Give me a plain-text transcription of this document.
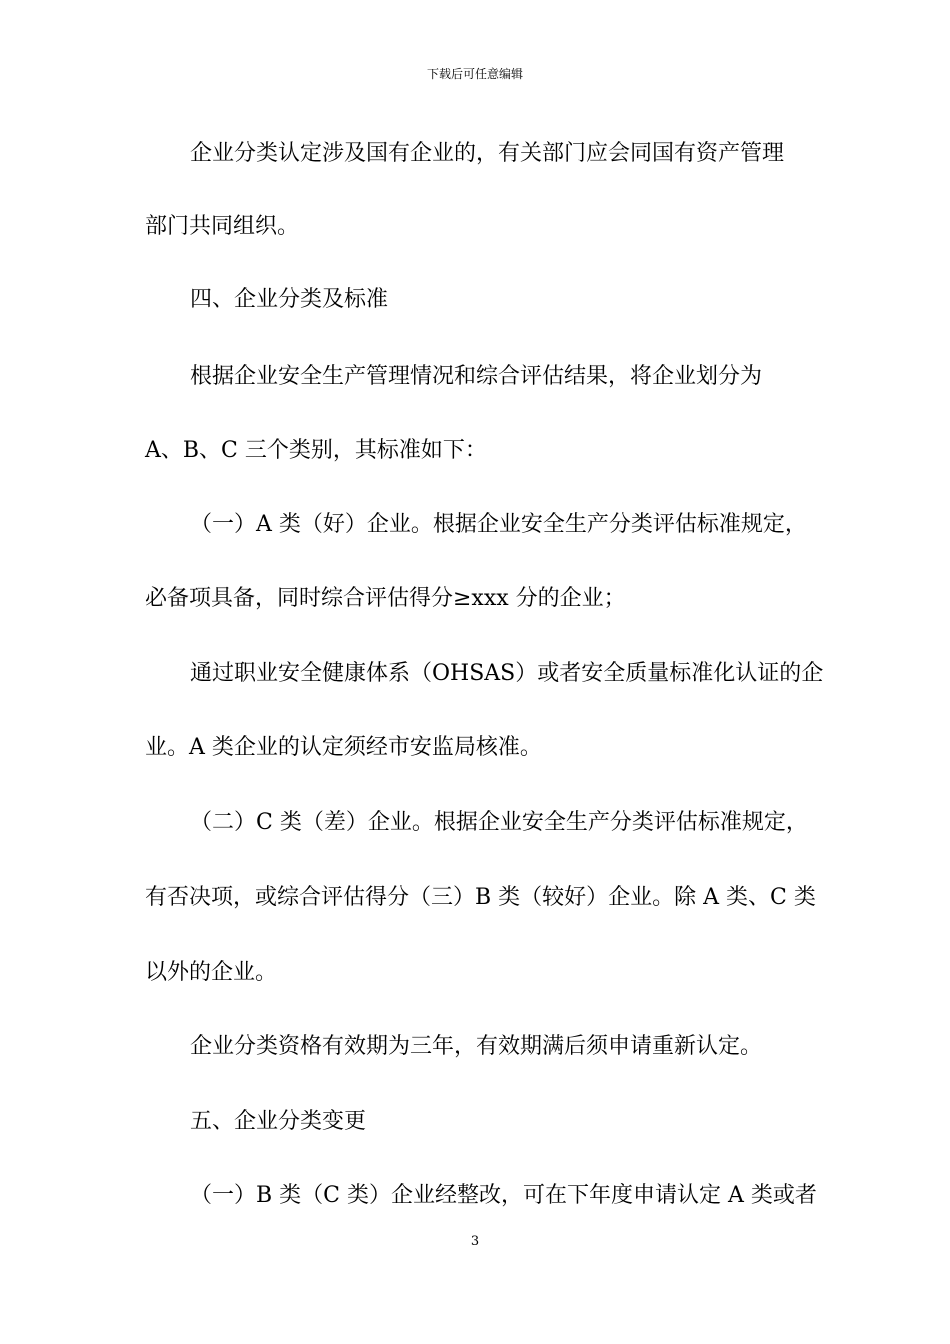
下载后可任意编辑
企业分类认定涉及国有企业的，有关部门应会同国有资产管理
部门共同组织。
四、企业分类及标准
根据企业安全生产管理情况和综合评估结果，将企业划分为
A、B、C 三个类别，其标准如下：
（一）A 类（好）企业。根据企业安全生产分类评估标准规定，
必备项具备，同时综合评估得分≥xxx 分的企业；
通过职业安全健康体系（OHSAS）或者安全质量标准化认证的企
业。A 类企业的认定须经市安监局核准。
（二）C 类（差）企业。根据企业安全生产分类评估标准规定，
有否决项，或综合评估得分（三）B 类（较好）企业。除 A 类、C 类
以外的企业。
企业分类资格有效期为三年，有效期满后须申请重新认定。
五、企业分类变更
（一）B 类（C 类）企业经整改，可在下年度申请认定 A 类或者
3
